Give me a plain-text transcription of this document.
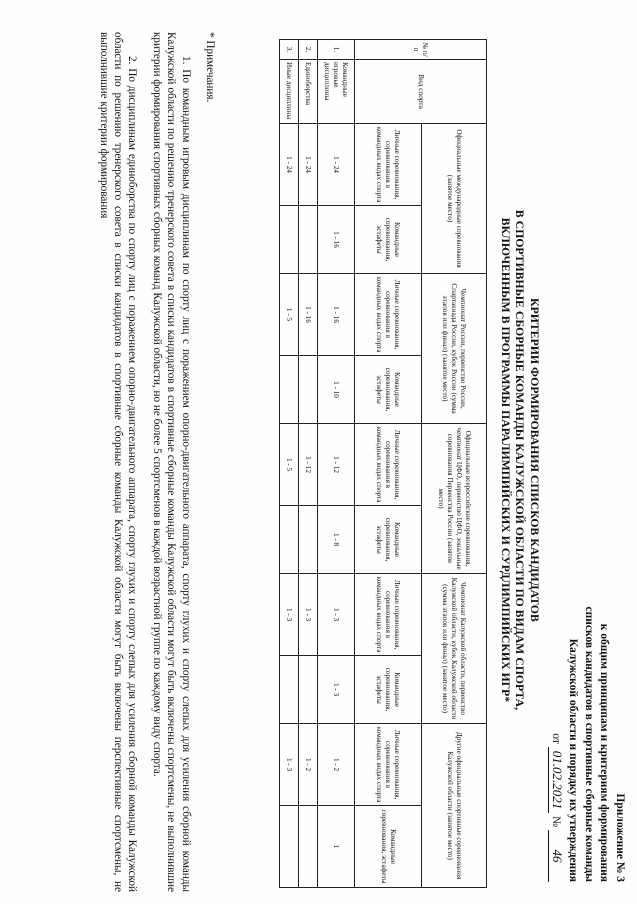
Приложение № 3
к общим принципам и критериям формирования
списков кандидатов в спортивные сборные команды
Калужской области и порядку их утверждения
от 01.02.2021 № 46
КРИТЕРИИ ФОРМИРОВАНИЯ СПИСКОВ КАНДИДАТОВ
В СПОРТИВНЫЕ СБОРНЫЕ КОМАНДЫ КАЛУЖСКОЙ ОБЛАСТИ ПО ВИДАМ СПОРТА,
ВКЛЮЧЕННЫМ В ПРОГРАММЫ ПАРАЛИМПИЙСКИХ И СУРДЛИМПИЙСКИХ ИГР*
№ п/п	Вид спорта	Официальные международные соревнования (занятое место)		Чемпионат России, первенство России, Спартакиада России, кубок России (сумма этапов или финал) (занятое место)		Официальные всероссийские соревнования, чемпионат ЦФО, первенство ЦФО, зональные соревнования Первенства России (занятое место)		Чемпионат Калужской области, первенство Калужской области, кубок Калужской области (сумма этапов или финал) (занятое место)		Другие официальные спортивные соревнования Калужской области (занятое место)	
		Личные соревнования, соревнования в командных видах спорта	Командные соревнования, эстафеты	Личные соревнования, соревнования в командных видах спорта	Командные соревнования, эстафеты	Личные соревнования, соревнования в командных видах спорта	Командные соревнования, эстафеты	Личные соревнования, соревнования в командных видах спорта	Командные соревнования, эстафеты	Личные соревнования, соревнования в командных видах спорта	Командные соревнования, эстафеты
1.	Командные игровые дисциплины	1 - 24	1 - 16	1 - 16	1 - 10	1 - 12	1 - 8	1 - 3	1 - 3	1 - 2	1
2.	Единоборства	1 - 24		1 - 16		1 - 12		1 - 3		1 - 2	
3.	Иные дисциплины	1 - 24		1 - 5		1 - 5		1 - 3		1 - 3	
* Примечания.

1. По командным игровым дисциплинам по спорту лиц с поражением опорно-двигательного аппарата, спорту глухих и спорту слепых для усиления сборной команды Калужской области по решению тренерского совета в списки кандидатов в спортивные сборные команды Калужской области могут быть включены спортсмены, не выполнившие критерии формирования спортивных сборных команд Калужской области, но не более 5 спортсменов в каждой возрастной группе по каждому виду спорта.

2. По дисциплинам единоборства по спорту лиц с поражением опорно-двигательного аппарата, спорту глухих и спорту слепых для усиления сборной команды Калужской области по решению тренерского совета в списки кандидатов в спортивные сборные команды Калужской области могут быть включены перспективные спортсмены, не выполнившие критерии формирования
